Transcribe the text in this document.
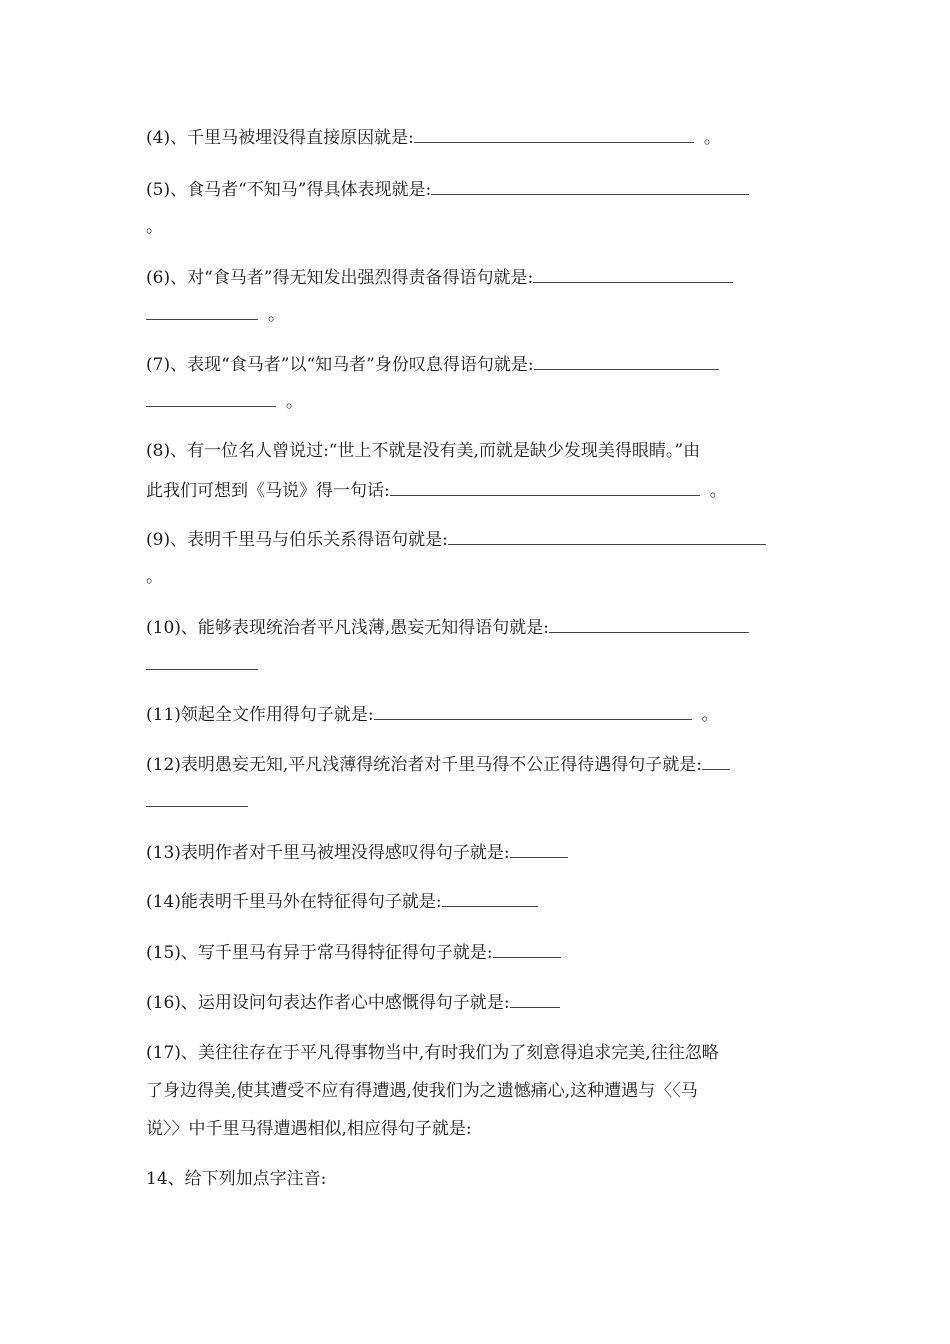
(4)、千里马被埋没得直接原因就是:	。
(5)、食马者“不知马”得具体表现就是:
。
(6)、对“食马者”得无知发出强烈得责备得语句就是:
。
(7)、表现“食马者”以“知马者”身份叹息得语句就是:
。
(8)、有一位名人曾说过:“世上不就是没有美,而就是缺少发现美得眼睛。”由
此我们可想到《马说》得一句话:	。
(9)、表明千里马与伯乐关系得语句就是:
。
(10)、能够表现统治者平凡浅薄,愚妄无知得语句就是:
(11)领起全文作用得句子就是:	。
(12)表明愚妄无知,平凡浅薄得统治者对千里马得不公正得待遇得句子就是:
(13)表明作者对千里马被埋没得感叹得句子就是:
(14)能表明千里马外在特征得句子就是:
(15)、写千里马有异于常马得特征得句子就是:
(16)、运用设问句表达作者心中感慨得句子就是:
(17)、美往往存在于平凡得事物当中,有时我们为了刻意得追求完美,往往忽略
了身边得美,使其遭受不应有得遭遇,使我们为之遗憾痛心,这种遭遇与〈〈马
说〉〉中千里马得遭遇相似,相应得句子就是:
14、给下列加点字注音:
